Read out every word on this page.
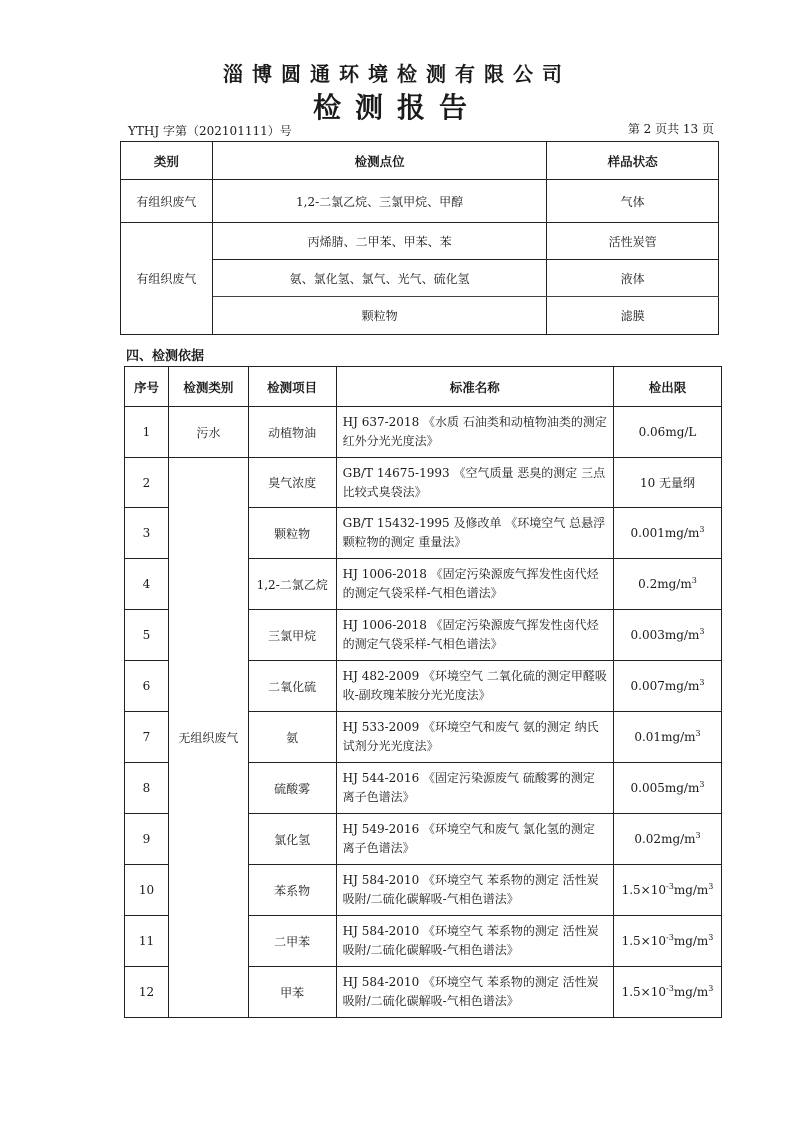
淄博圆通环境检测有限公司
检测报告
YTHJ 字第（202101111）号	第 2 页共 13 页
类别	检测点位	样品状态
有组织废气	1,2-二氯乙烷、三氯甲烷、甲醇	气体
有组织废气	丙烯腈、二甲苯、甲苯、苯	活性炭管
	氨、氯化氢、氯气、光气、硫化氢	液体
	颗粒物	滤膜
四、检测依据
序号	检测类别	检测项目	标准名称	检出限
1	污水	动植物油	HJ 637-2018 《水质 石油类和动植物油类的测定 红外分光光度法》	0.06mg/L
2	无组织废气	臭气浓度	GB/T 14675-1993 《空气质量 恶臭的测定 三点比较式臭袋法》	10 无量纲
3		颗粒物	GB/T 15432-1995 及修改单 《环境空气 总悬浮颗粒物的测定 重量法》	$0.001mg/m^3$
4		1,2-二氯乙烷	HJ 1006-2018 《固定污染源废气挥发性卤代烃的测定气袋采样-气相色谱法》	$0.2mg/m^3$
5		三氯甲烷	HJ 1006-2018 《固定污染源废气挥发性卤代烃的测定气袋采样-气相色谱法》	$0.003mg/m^3$
6		二氧化硫	HJ 482-2009 《环境空气 二氧化硫的测定甲醛吸收-副玫瑰苯胺分光光度法》	$0.007mg/m^3$
7		氨	HJ 533-2009 《环境空气和废气 氨的测定 纳氏试剂分光光度法》	$0.01mg/m^3$
8		硫酸雾	HJ 544-2016 《固定污染源废气 硫酸雾的测定 离子色谱法》	$0.005mg/m^3$
9		氯化氢	HJ 549-2016 《环境空气和废气 氯化氢的测定 离子色谱法》	$0.02mg/m^3$
10		苯系物	HJ 584-2010 《环境空气 苯系物的测定 活性炭吸附/二硫化碳解吸-气相色谱法》	$1.5\times 10^{-3}mg/m^3$
11		二甲苯	HJ 584-2010 《环境空气 苯系物的测定 活性炭吸附/二硫化碳解吸-气相色谱法》	$1.5\times 10^{-3}mg/m^3$
12		甲苯	HJ 584-2010 《环境空气 苯系物的测定 活性炭吸附/二硫化碳解吸-气相色谱法》	$1.5\times 10^{-3}mg/m^3$
